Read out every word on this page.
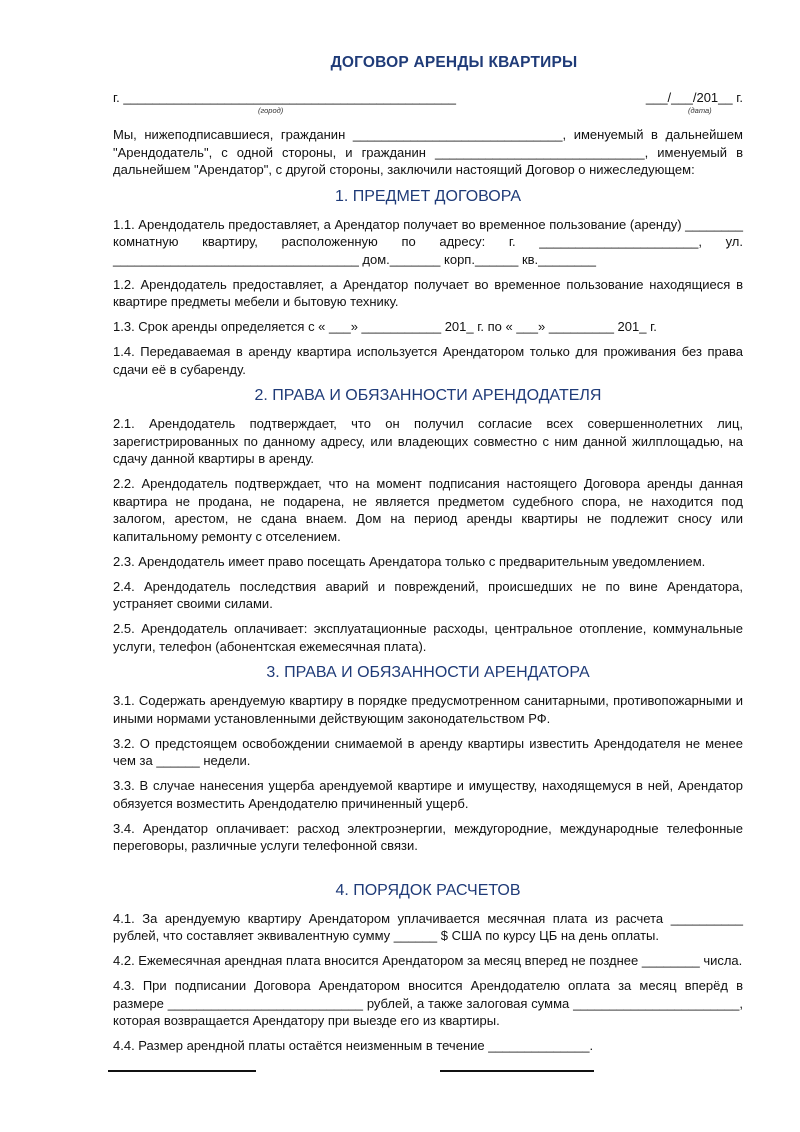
ДОГОВОР АРЕНДЫ КВАРТИРЫ
г. ______________________________________________
(город)
___/___/201__ г.
(дата)

Мы, нижеподписавшиеся, гражданин _____________________________, именуемый в дальнейшем "Арендодатель", с одной стороны, и гражданин _____________________________, именуемый в дальнейшем "Арендатор", с другой стороны, заключили настоящий Договор о нижеследующем:

1. ПРЕДМЕТ ДОГОВОРА

1.1. Арендодатель предоставляет, а Арендатор получает во временное пользование (аренду) ________ комнатную квартиру, расположенную по адресу: г. ______________________, ул. __________________________________ дом._______ корп.______ кв.________

1.2. Арендодатель предоставляет, а Арендатор получает во временное пользование находящиеся в квартире предметы мебели и бытовую технику.

1.3. Срок аренды определяется с « ___» ___________ 201_ г. по « ___» _________ 201_ г.

1.4. Передаваемая в аренду квартира используется Арендатором только для проживания без права сдачи её в субаренду.

2. ПРАВА И ОБЯЗАННОСТИ АРЕНДОДАТЕЛЯ

2.1. Арендодатель подтверждает, что он получил согласие всех совершеннолетних лиц, зарегистрированных по данному адресу, или владеющих совместно с ним данной жилплощадью, на сдачу данной квартиры в аренду.

2.2. Арендодатель подтверждает, что на момент подписания настоящего Договора аренды данная квартира не продана, не подарена, не является предметом судебного спора, не находится под залогом, арестом, не сдана внаем. Дом на период аренды квартиры не подлежит сносу или капитальному ремонту с отселением.

2.3. Арендодатель имеет право посещать Арендатора только с предварительным уведомлением.

2.4. Арендодатель последствия аварий и повреждений, происшедших не по вине Арендатора, устраняет своими силами.

2.5. Арендодатель оплачивает: эксплуатационные расходы, центральное отопление, коммунальные услуги, телефон (абонентская ежемесячная плата).

3. ПРАВА И ОБЯЗАННОСТИ АРЕНДАТОРА

3.1. Содержать арендуемую квартиру в порядке предусмотренном санитарными, противопожарными и иными нормами установленными действующим законодательством РФ.

3.2. О предстоящем освобождении снимаемой в аренду квартиры известить Арендодателя не менее чем за ______ недели.

3.3. В случае нанесения ущерба арендуемой квартире и имуществу, находящемуся в ней, Арендатор обязуется возместить Арендодателю причиненный ущерб.

3.4. Арендатор оплачивает: расход электроэнергии, междугородние, международные телефонные переговоры, различные услуги телефонной связи.

4. ПОРЯДОК РАСЧЕТОВ

4.1. За арендуемую квартиру Арендатором уплачивается месячная плата из расчета __________ рублей, что составляет эквивалентную сумму ______ $ США по курсу ЦБ на день оплаты.

4.2. Ежемесячная арендная плата вносится Арендатором за месяц вперед не позднее ________ числа.

4.3. При подписании Договора Арендатором вносится Арендодателю оплата за месяц вперёд в размере ___________________________ рублей, а также залоговая сумма _______________________, которая возвращается Арендатору при выезде его из квартиры.

4.4. Размер арендной платы остаётся неизменным в течение ______________.
